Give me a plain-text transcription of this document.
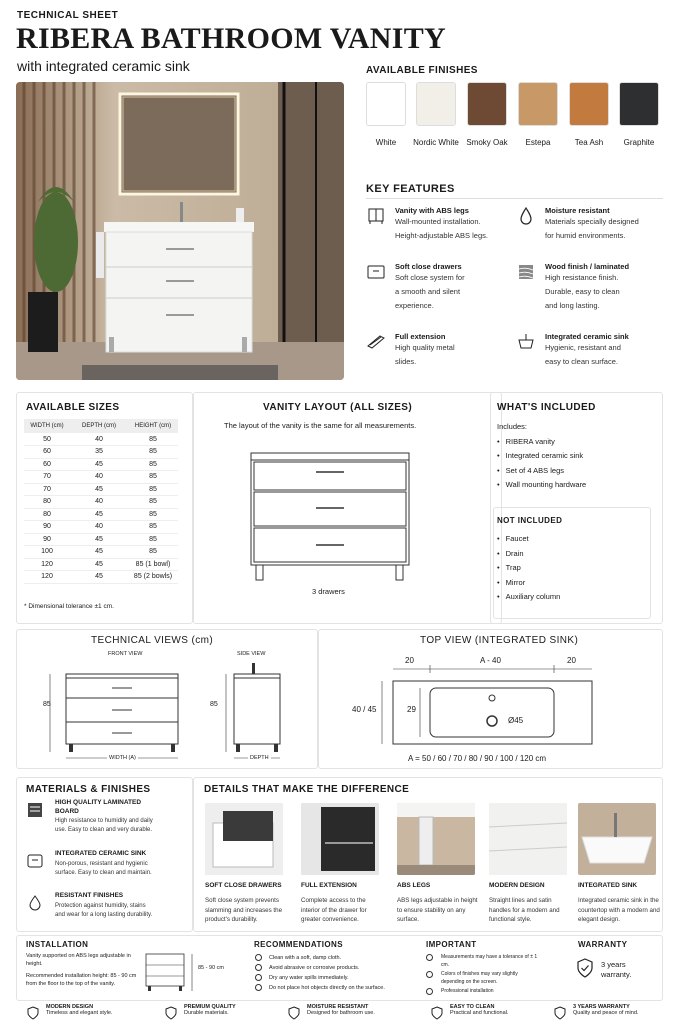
TECHNICAL SHEET
RIBERA BATHROOM VANITY
with integrated ceramic sink	AVAILABLE FINISHES
White	Nordic White Smoky Oak	Estepa	Tea Ash	Graphite
KEY FEATURES
Vanity with ABS legs
Wall-mounted installation.
Height-adjustable ABS legs.
Moisture resistant
Materials specially designed
for humid environments.
Soft close drawers
Soft close system for
a smooth and silent
experience.
Wood finish / laminated
High resistance finish.
Durable, easy to clean
and long lasting.
Full extension
High quality metal
slides.
Integrated ceramic sink
Hygienic, resistant and
easy to clean surface.
AVAILABLE SIZES
WIDTH (cm)	DEPTH (cm)	HEIGHT (cm)
50	40	85
60	35	85
60	45	85
70	40	85
70	45	85
80	40	85
80	45	85
90	40	85
90	45	85
100	45	85
120	45	85 (1 bowl)
120	45	85 (2 bowls)
* Dimensional tolerance ±1 cm.
VANITY LAYOUT (ALL SIZES)
The layout of the vanity is the same for all measurements.
3 drawers
WHAT'S INCLUDED
Includes:
• RIBERA vanity
• Integrated ceramic sink
• Set of 4 ABS legs
• Wall mounting hardware
NOT INCLUDED
• Faucet
• Drain
• Trap
• Mirror
• Auxiliary column
TECHNICAL VIEWS (cm)
FRONT VIEW	SIDE VIEW
85	85
WIDTH (A)	DEPTH
TOP VIEW (INTEGRATED SINK)
20	A - 40	20
40 / 45	29
Ø45
A = 50 / 60 / 70 / 80 / 90 / 100 / 120 cm
MATERIALS & FINISHES	DETAILS THAT MAKE THE DIFFERENCE
INSTALLATION
Vanity supported on ABS legs adjustable in height.
Recommended installation height: 85 - 90 cm from the floor to the top of the vanity.
85 - 90 cm
RECOMMENDATIONS	IMPORTANT	WARRANTY
3 years warranty.
MODERN DESIGN
Timeless and elegant style.
PREMIUM QUALITY
Durable materials.
MOISTURE RESISTANT
Designed for bathroom use.
EASY TO CLEAN
Practical and functional.
3 YEARS WARRANTY
Quality and peace of mind.
HIGH QUALITY LAMINATED BOARD
High resistance to humidity and daily use. Easy to clean and very durable.
INTEGRATED CERAMIC SINK
Non-porous, resistant and hygienic surface. Easy to clean and maintain.
RESISTANT FINISHES
Protection against humidity, stains and wear for a long lasting durability.
SOFT CLOSE DRAWERS
Soft close system prevents slamming and increases the product's durability.
FULL EXTENSION
Complete access to the interior of the drawer for greater convenience.
ABS LEGS
ABS legs adjustable in height to ensure stability on any surface.
MODERN DESIGN
Straight lines and satin handles for a modern and functional style.
INTEGRATED SINK
Integrated ceramic sink in the countertop with a modern and elegant design.
Clean with a soft, damp cloth.
Avoid abrasive or corrosive products.
Dry any water spills immediately.
Do not place hot objects directly on the surface.
Measurements may have a tolerance of ± 1 cm.
Colors of finishes may vary slightly depending on the screen.
Professional installation
